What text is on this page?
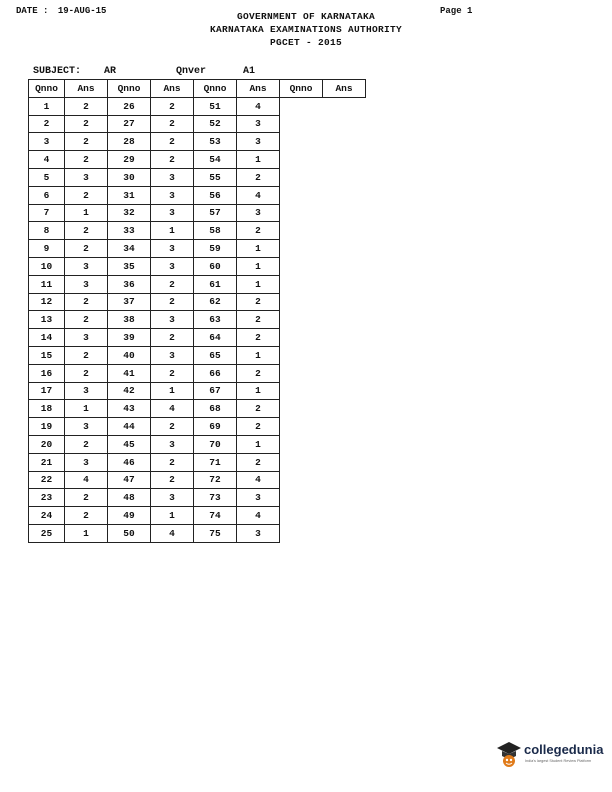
DATE : 19-AUG-15	Page 1
GOVERNMENT OF KARNATAKA
KARNATAKA EXAMINATIONS AUTHORITY
PGCET - 2015
SUBJECT: AR	Qnver	A1
Qnno	Ans	Qnno	Ans	Qnno	Ans	Qnno	Ans
1	2	26	2	51	4		
2	2	27	2	52	3		
3	2	28	2	53	3		
4	2	29	2	54	1		
5	3	30	3	55	2		
6	2	31	3	56	4		
7	1	32	3	57	3		
8	2	33	1	58	2		
9	2	34	3	59	1		
10	3	35	3	60	1		
11	3	36	2	61	1		
12	2	37	2	62	2		
13	2	38	3	63	2		
14	3	39	2	64	2		
15	2	40	3	65	1		
16	2	41	2	66	2		
17	3	42	1	67	1		
18	1	43	4	68	2		
19	3	44	2	69	2		
20	2	45	3	70	1		
21	3	46	2	71	2		
22	4	47	2	72	4		
23	2	48	3	73	3		
24	2	49	1	74	4		
25	1	50	4	75	3		
collegedunia
India's largest Student Review Platform
